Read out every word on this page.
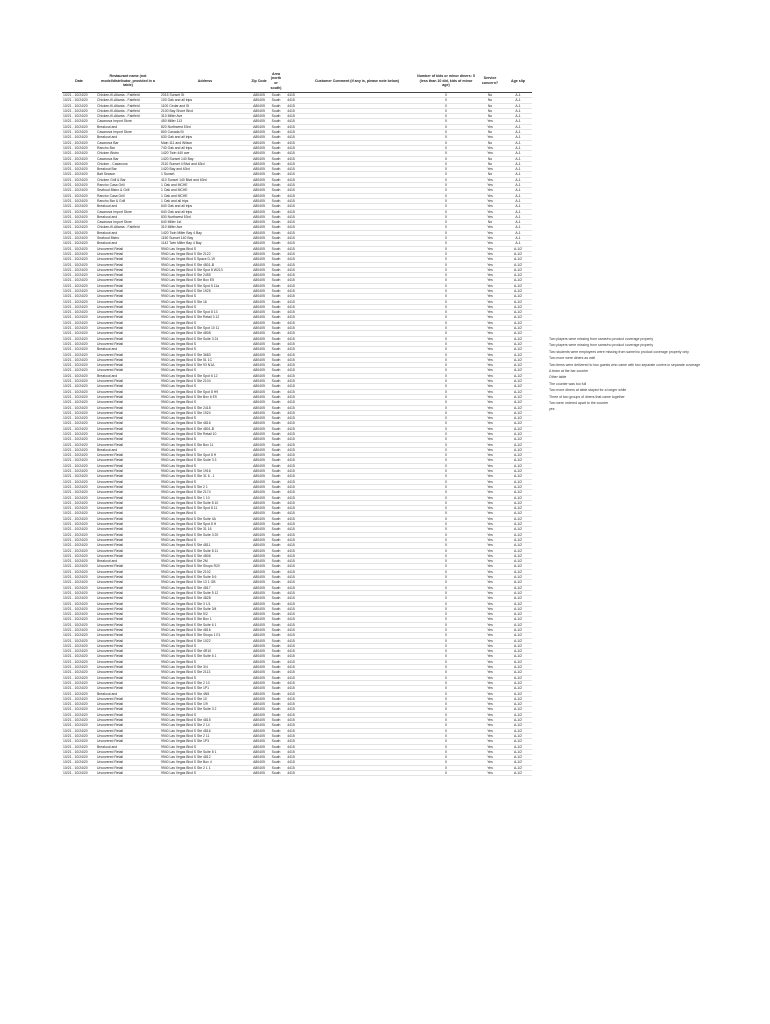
Date	Restaurant name (not model/distributor, provided in a table)	Address	Zip Code	Area (north or south)		Customer Comment (if any is, please note below)	Number of kids or minor diners: 5 (less than 10 did, kids of minor age)	Service concern?	Age slip
10/21 - 10/24/20	Chicken-fil-Atlanta - Fairfield	2015 Sunset St	A80405	South	4415		0	No	A-1
10/21 - 10/24/20	Chicken-fil-Atlanta - Fairfield	100 Oak and all trips	A80405	South	4415		0	No	A-1
10/21 - 10/24/20	Chicken-fil-Atlanta - Fairfield	1100 Cedar and St	A80405	South	4415		0	No	A-1
10/21 - 10/24/20	Chicken-fil-Atlanta - Fairfield	2100 Bay Shore Blvd	A80405	South	4415		0	No	A-1
10/21 - 10/24/20	Chicken-fil-Atlanta - Fairfield	310 Miller Ave	A80405	South	4415		0	No	A-1
10/21 - 10/24/20	Casanova Import Store	450 Miller 113	A80405	South	4415		0	Yes	A-1
10/21 - 10/24/20	Breakout and	820 Northwest 53rd	A80405	South	4415		0	Yes	A-1
10/21 - 10/24/20	Casanova Import Store	800 Canada St	A80405	South	4415		0	No	A-1
10/21 - 10/24/20	Breakout and	630 Oak and all trips	A80405	South	4415		0	Yes	A-1
10/21 - 10/24/20	Casanova Bar	Main 111 and Wilson	A80405	South	4415		0	No	A-1
10/21 - 10/24/20	Rancho Bar	740 Oak and all trips	A80405	South	4415		0	Yes	A-1
10/21 - 10/24/20	Chicken Bistro	1420 Twin 440 ave	A80405	South	4415		0	Yes	A-1
10/21 - 10/24/20	Casanova Bar	1420 Sunset 140 Bay	A80405	South	4415		0	No	A-1
10/21 - 10/24/20	Chicken - Casanova	2110 Sunset 4 Blvd and 63rd	A80405	South	4415		0	No	A-1
10/21 - 10/24/20	Breakout Bar	1420 Bay and 63rd	A80405	South	4415		0	Yes	A-1
10/21 - 10/24/20	Bait Season	1 Sunset	A80405	South	4415		0	No	A-1
10/21 - 10/24/20	Chicken Grill & Bar	410 Sunset 140 Blvd and 63rd	A80405	South	4415		0	Yes	A-1
10/21 - 10/24/20	Rancho Casa Grill	1 Oak and MCHE	A80405	South	4415		0	Yes	A-1
10/21 - 10/24/20	Seafood Bistro & Grill	1 Oak and MCHE	A80405	South	4415		0	Yes	A-1
10/21 - 10/24/20	Rancho Casa Grill	1 Oak and MCHE	A80405	South	4415		0	Yes	A-1
10/21 - 10/24/20	Rancho Bar & Grill	1 Oak and all trips	A80405	South	4415		0	Yes	A-1
10/21 - 10/24/20	Breakout and	640 Oak and all trips	A80405	South	4415		0	Yes	A-1
10/21 - 10/24/20	Casanova Import Store	640 Oak and all trips	A80405	South	4415		0	Yes	A-1
10/21 - 10/24/20	Breakout and	830 Northwest 53rd	A80405	South	4415		0	Yes	A-1
10/21 - 10/24/20	Casanova Import Store	640 Miller 1st	A80405	South	4415		0	No	A-1
10/21 - 10/24/20	Chicken-fil-Atlanta - Fairfield	310 Miller Ave	A80405	South	4415		0	Yes	A-1
10/21 - 10/24/20	Breakout and	1420 Twin Miller Bay 4 Bay	A80405	South	4415		0	Yes	A-1
10/21 - 10/24/20	Seafood Bistro	1150 Sunset 140 Bay	A80405	South	4415		0	Yes	A-1
10/21 - 10/24/20	Breakout and	1142 Twin Miller Bay 4 Bay	A80405	South	4415		0	Yes	A-1
10/21 - 10/24/20	Uncovered Retail	9940 Las Vegas Blvd S	A80405	South	4415		0	Yes	A-1/2
10/21 - 10/24/20	Uncovered Retail	9940 Las Vegas Blvd S Ste 2122	A80405	South	4415		0	Yes	A-1/2
10/21 - 10/24/20	Uncovered Retail	9940 Las Vegas Blvd S Space D-19	A80405	South	4415		0	Yes	A-1/2
10/21 - 10/24/20	Uncovered Retail	9940 Las Vegas Blvd S Ste 4801-B	A80405	South	4415		0	Yes	A-1/2
10/21 - 10/24/20	Uncovered Retail	9940 Las Vegas Blvd S Ste Spot 8 W213	A80405	South	4415		0	Yes	A-1/2
10/21 - 10/24/20	Uncovered Retail	9940 Las Vegas Blvd S Ste 2455	A80405	South	4415		0	Yes	A-1/2
10/21 - 10/24/20	Uncovered Retail	9940 Las Vegas Blvd S Ste Box E5	A80405	South	4415		0	Yes	A-1/2
10/21 - 10/24/20	Uncovered Retail	9940 Las Vegas Blvd S Ste Spot 5 11a	A80405	South	4415		0	Yes	A-1/2
10/21 - 10/24/20	Uncovered Retail	9940 Las Vegas Blvd S Ste 1925	A80405	South	4415		0	Yes	A-1/2
10/21 - 10/24/20	Uncovered Retail	9940 Las Vegas Blvd S	A80405	South	4415		0	Yes	A-1/2
10/21 - 10/24/20	Uncovered Retail	9940 Las Vegas Blvd S Ste 16	A80405	South	4415		0	Yes	A-1/2
10/21 - 10/24/20	Uncovered Retail	9940 Las Vegas Blvd S	A80405	South	4415		0	Yes	A-1/2
10/21 - 10/24/20	Uncovered Retail	9940 Las Vegas Blvd S Ste Spot 8 13	A80405	South	4415		0	Yes	A-1/2
10/21 - 10/24/20	Uncovered Retail	9940 Las Vegas Blvd S Ste Retail 3 12	A80405	South	4415		0	Yes	A-1/2
10/21 - 10/24/20	Uncovered Retail	9940 Las Vegas Blvd S	A80405	South	4415		0	Yes	A-1/2
10/21 - 10/24/20	Uncovered Retail	9940 Las Vegas Blvd S Ste Spot 10 11	A80405	South	4415		0	Yes	A-1/2
10/21 - 10/24/20	Uncovered Retail	9940 Las Vegas Blvd S Ste 4808	A80405	South	4415		0	Yes	A-1/2
10/21 - 10/24/20	Uncovered Retail	9940 Las Vegas Blvd S Ste Suite 3 24	A80405	South	4415		0	Yes	A-1/2
10/21 - 10/24/20	Uncovered Retail	9940 Las Vegas Blvd S	A80405	South	4415		0	Yes	A-1/2
10/21 - 10/24/20	Breakout and	9940 Las Vegas Blvd S	A80405	South	4415		0	Yes	A-1/2
10/21 - 10/24/20	Uncovered Retail	9940 Las Vegas Blvd S Ste 3683	A80405	South	4415		0	Yes	A-1/2
10/21 - 10/24/20	Uncovered Retail	9940 Las Vegas Blvd S Ste 51 1C	A80405	South	4415		0	Yes	A-1/2
10/21 - 10/24/20	Uncovered Retail	9940 Las Vegas Blvd S Ste 93 N1A	A80405	South	4415		0	Yes	A-1/2
10/21 - 10/24/20	Uncovered Retail	9940 Las Vegas Blvd S	A80405	South	4415		0	Yes	A-1/2
10/21 - 10/24/20	Breakout and	9940 Las Vegas Blvd S Ste Spot 6 12	A80405	South	4415		0	Yes	A-1/2
10/21 - 10/24/20	Uncovered Retail	9940 Las Vegas Blvd S Ste 2104	A80405	South	4415		0	Yes	A-1/2
10/21 - 10/24/20	Uncovered Retail	9940 Las Vegas Blvd S	A80405	South	4415		0	Yes	A-1/2
10/21 - 10/24/20	Uncovered Retail	9940 Las Vegas Blvd S Ste Spot 8 H9	A80405	South	4415		0	Yes	A-1/2
10/21 - 10/24/20	Uncovered Retail	9940 Las Vegas Blvd S Ste Box 6 E9	A80405	South	4415		0	Yes	A-1/2
10/21 - 10/24/20	Uncovered Retail	9940 Las Vegas Blvd S	A80405	South	4415		0	Yes	A-1/2
10/21 - 10/24/20	Uncovered Retail	9940 Las Vegas Blvd S Ste 2418	A80405	South	4415		0	Yes	A-1/2
10/21 - 10/24/20	Uncovered Retail	9940 Las Vegas Blvd S Ste 1924	A80405	South	4415		0	Yes	A-1/2
10/21 - 10/24/20	Uncovered Retail	9940 Las Vegas Blvd S	A80405	South	4415		0	Yes	A-1/2
10/21 - 10/24/20	Uncovered Retail	9940 Las Vegas Blvd S Ste 4816	A80405	South	4415		0	Yes	A-1/2
10/21 - 10/24/20	Uncovered Retail	9940 Las Vegas Blvd S Ste 4801-B	A80405	South	4415		0	Yes	A-1/2
10/21 - 10/24/20	Uncovered Retail	9940 Las Vegas Blvd S Ste Retail 10	A80405	South	4415		0	Yes	A-1/2
10/21 - 10/24/20	Uncovered Retail	9940 Las Vegas Blvd S	A80405	South	4415		0	Yes	A-1/2
10/21 - 10/24/20	Uncovered Retail	9940 Las Vegas Blvd S Ste Box 11	A80405	South	4415		0	Yes	A-1/2
10/21 - 10/24/20	Breakout and	9940 Las Vegas Blvd S	A80405	South	4415		0	Yes	A-1/2
10/21 - 10/24/20	Uncovered Retail	9940 Las Vegas Blvd S Ste Spot 8 H	A80405	South	4415		0	Yes	A-1/2
10/21 - 10/24/20	Uncovered Retail	9940 Las Vegas Blvd S Ste Suite 3 3	A80405	South	4415		0	Yes	A-1/2
10/21 - 10/24/20	Uncovered Retail	9940 Las Vegas Blvd S	A80405	South	4415		0	Yes	A-1/2
10/21 - 10/24/20	Uncovered Retail	9940 Las Vegas Blvd S Ste 1916	A80405	South	4415		0	Yes	A-1/2
10/21 - 10/24/20	Uncovered Retail	9940 Las Vegas Blvd S Ste 31 6 - 1	A80405	South	4415		0	Yes	A-1/2
10/21 - 10/24/20	Uncovered Retail	9940 Las Vegas Blvd S	A80405	South	4415		0	Yes	A-1/2
10/21 - 10/24/20	Uncovered Retail	9940 Las Vegas Blvd S Ste 2 1	A80405	South	4415		0	Yes	A-1/2
10/21 - 10/24/20	Uncovered Retail	9940 Las Vegas Blvd S Ste 2174	A80405	South	4415		0	Yes	A-1/2
10/21 - 10/24/20	Uncovered Retail	9940 Las Vegas Blvd S Ste 1 10	A80405	South	4415		0	Yes	A-1/2
10/21 - 10/24/20	Uncovered Retail	9940 Las Vegas Blvd S Ste Suite 8 10	A80405	South	4415		0	Yes	A-1/2
10/21 - 10/24/20	Uncovered Retail	9940 Las Vegas Blvd S Ste Spot 8 11	A80405	South	4415		0	Yes	A-1/2
10/21 - 10/24/20	Uncovered Retail	9940 Las Vegas Blvd S	A80405	South	4415		0	Yes	A-1/2
10/21 - 10/24/20	Uncovered Retail	9940 Las Vegas Blvd S Ste Suite 4A	A80405	South	4415		0	Yes	A-1/2
10/21 - 10/24/20	Uncovered Retail	9940 Las Vegas Blvd S Ste Spot 8 H	A80405	South	4415		0	Yes	A-1/2
10/21 - 10/24/20	Uncovered Retail	9940 Las Vegas Blvd S Ste 31 16	A80405	South	4415		0	Yes	A-1/2
10/21 - 10/24/20	Uncovered Retail	9940 Las Vegas Blvd S Ste Suite 3 20	A80405	South	4415		0	Yes	A-1/2
10/21 - 10/24/20	Uncovered Retail	9940 Las Vegas Blvd S	A80405	South	4415		0	Yes	A-1/2
10/21 - 10/24/20	Uncovered Retail	9940 Las Vegas Blvd S Ste 4811	A80405	South	4415		0	Yes	A-1/2
10/21 - 10/24/20	Uncovered Retail	9940 Las Vegas Blvd S Ste Suite 8 11	A80405	South	4415		0	Yes	A-1/2
10/21 - 10/24/20	Uncovered Retail	9940 Las Vegas Blvd S Ste 4806	A80405	South	4415		0	Yes	A-1/2
10/21 - 10/24/20	Breakout and	9940 Las Vegas Blvd S Ste 2M	A80405	South	4415		0	Yes	A-1/2
10/21 - 10/24/20	Uncovered Retail	9940 Las Vegas Blvd S Ste Shops R20	A80405	South	4415		0	Yes	A-1/2
10/21 - 10/24/20	Uncovered Retail	9940 Las Vegas Blvd S Ste 2102	A80405	South	4415		0	Yes	A-1/2
10/21 - 10/24/20	Uncovered Retail	9940 Las Vegas Blvd S Ste Suite 5 6	A80405	South	4415		0	Yes	A-1/2
10/21 - 10/24/20	Uncovered Retail	9940 Las Vegas Blvd S Ste 13 1 GB	A80405	South	4415		0	Yes	A-1/2
10/21 - 10/24/20	Uncovered Retail	9940 Las Vegas Blvd S Ste 4817	A80405	South	4415		0	Yes	A-1/2
10/21 - 10/24/20	Uncovered Retail	9940 Las Vegas Blvd S Ste Suite 5 12	A80405	South	4415		0	Yes	A-1/2
10/21 - 10/24/20	Uncovered Retail	9940 Las Vegas Blvd S Ste 4828	A80405	South	4415		0	Yes	A-1/2
10/21 - 10/24/20	Uncovered Retail	9940 Las Vegas Blvd S Ste 3 1/1	A80405	South	4415		0	Yes	A-1/2
10/21 - 10/24/20	Uncovered Retail	9940 Las Vegas Blvd S Ste Suite 3/4	A80405	South	4415		0	Yes	A-1/2
10/21 - 10/24/20	Uncovered Retail	9940 Las Vegas Blvd S Ste 5/2	A80405	South	4415		0	Yes	A-1/2
10/21 - 10/24/20	Uncovered Retail	9940 Las Vegas Blvd S Ste Box 1	A80405	South	4415		0	Yes	A-1/2
10/21 - 10/24/20	Uncovered Retail	9940 Las Vegas Blvd S Ste Suite 6 1	A80405	South	4415		0	Yes	A-1/2
10/21 - 10/24/20	Uncovered Retail	9940 Las Vegas Blvd S Ste 4816	A80405	South	4415		0	Yes	A-1/2
10/21 - 10/24/20	Uncovered Retail	9940 Las Vegas Blvd S Ste Shops 1 E1	A80405	South	4415		0	Yes	A-1/2
10/21 - 10/24/20	Uncovered Retail	9940 Las Vegas Blvd S Ste 1022	A80405	South	4415		0	Yes	A-1/2
10/21 - 10/24/20	Uncovered Retail	9940 Las Vegas Blvd S	A80405	South	4415		0	Yes	A-1/2
10/21 - 10/24/20	Uncovered Retail	9940 Las Vegas Blvd S Ste 4R10	A80405	South	4415		0	Yes	A-1/2
10/21 - 10/24/20	Uncovered Retail	9940 Las Vegas Blvd S Ste Suite 6 1	A80405	South	4415		0	Yes	A-1/2
10/21 - 10/24/20	Uncovered Retail	9940 Las Vegas Blvd S	A80405	South	4415		0	Yes	A-1/2
10/21 - 10/24/20	Uncovered Retail	9940 Las Vegas Blvd S Ste 3/4	A80405	South	4415		0	Yes	A-1/2
10/21 - 10/24/20	Uncovered Retail	9940 Las Vegas Blvd S Ste 2113	A80405	South	4415		0	Yes	A-1/2
10/21 - 10/24/20	Uncovered Retail	9940 Las Vegas Blvd S	A80405	South	4415		0	Yes	A-1/2
10/21 - 10/24/20	Uncovered Retail	9940 Las Vegas Blvd S Ste 2 10	A80405	South	4415		0	Yes	A-1/2
10/21 - 10/24/20	Uncovered Retail	9940 Las Vegas Blvd S Ste 1P1	A80405	South	4415		0	Yes	A-1/2
10/21 - 10/24/20	Breakout and	9940 Las Vegas Blvd S Ste 4N5	A80405	South	4415		0	Yes	A-1/2
10/21 - 10/24/20	Uncovered Retail	9940 Las Vegas Blvd S Ste 10	A80405	South	4415		0	Yes	A-1/2
10/21 - 10/24/20	Uncovered Retail	9940 Las Vegas Blvd S Ste 1/9	A80405	South	4415		0	Yes	A-1/2
10/21 - 10/24/20	Uncovered Retail	9940 Las Vegas Blvd S Ste Suite 3 2	A80405	South	4415		0	Yes	A-1/2
10/21 - 10/24/20	Uncovered Retail	9940 Las Vegas Blvd S	A80405	South	4415		0	Yes	A-1/2
10/21 - 10/24/20	Uncovered Retail	9940 Las Vegas Blvd S Ste 4815	A80405	South	4415		0	Yes	A-1/2
10/21 - 10/24/20	Uncovered Retail	9940 Las Vegas Blvd S Ste 2 14	A80405	South	4415		0	Yes	A-1/2
10/21 - 10/24/20	Uncovered Retail	9940 Las Vegas Blvd S Ste 4816	A80405	South	4415		0	Yes	A-1/2
10/21 - 10/24/20	Uncovered Retail	9940 Las Vegas Blvd S Ste 2 11	A80405	South	4415		0	Yes	A-1/2
10/21 - 10/24/20	Uncovered Retail	9940 Las Vegas Blvd S Ste 1P3	A80405	South	4415		0	Yes	A-1/2
10/21 - 10/24/20	Breakout and	9940 Las Vegas Blvd S	A80405	South	4415		0	Yes	A-1/2
10/21 - 10/24/20	Uncovered Retail	9940 Las Vegas Blvd S Ste Suite 8 1	A80405	South	4415		0	Yes	A-1/2
10/21 - 10/24/20	Uncovered Retail	9940 Las Vegas Blvd S Ste 4812	A80405	South	4415		0	Yes	A-1/2
10/21 - 10/24/20	Uncovered Retail	9940 Las Vegas Blvd S Ste Box 4	A80405	South	4415		0	Yes	A-1/2
10/21 - 10/24/20	Uncovered Retail	9940 Las Vegas Blvd S Ste 2 1 1	A80405	South	4415		0	Yes	A-1/2
10/21 - 10/24/20	Uncovered Retail	9940 Las Vegas Blvd S	A80405	South	4415		0	Yes	A-1/2
Two players were missing from same/no product coverage properly
Two players were missing from same/no product coverage properly
Two students were employees were missing from same/no product coverage properly only
Two more were diners as well
Two items were delivered to two guests who came with two separate covers in separate coverage
A team at the bar counter
Other table
The counter was too full
Two more diners at table stayed for a longer while
Three of two groups of diners that came together
Two were ordered apart to the counter
yes
